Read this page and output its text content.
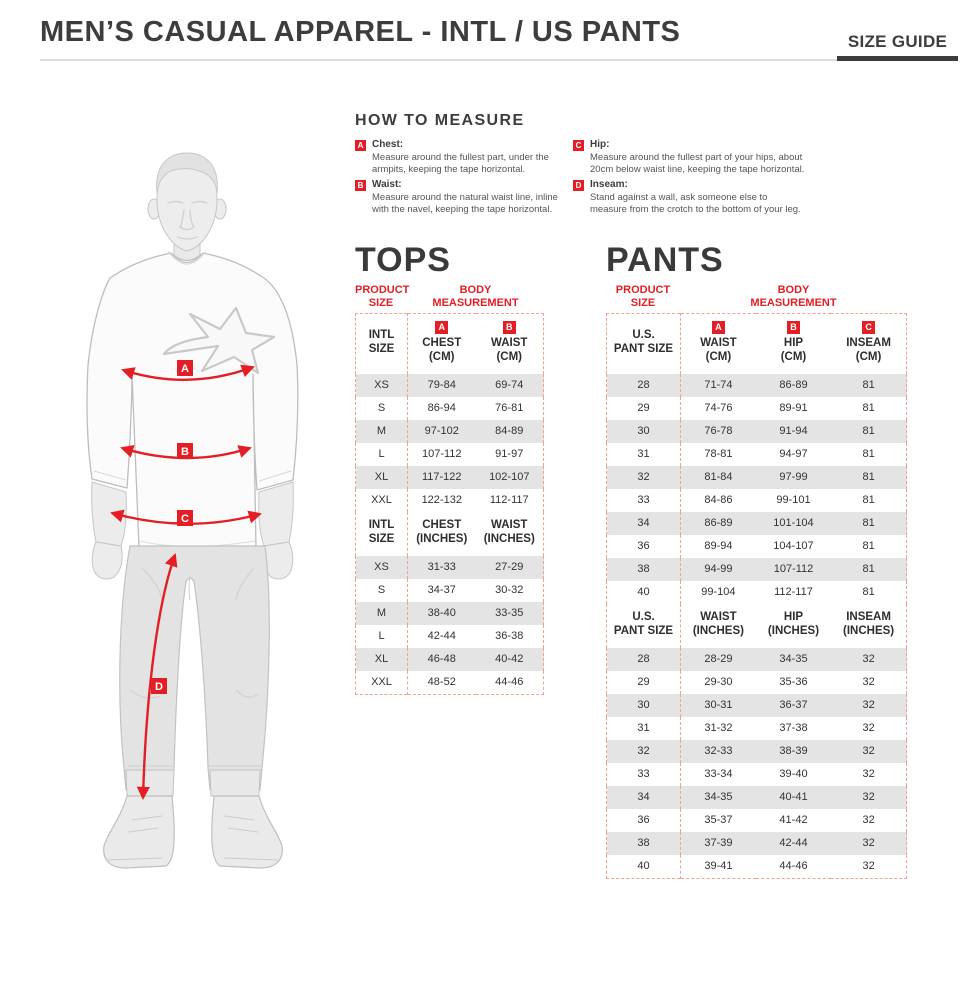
MEN’S CASUAL APPAREL - INTL / US PANTS	SIZE GUIDE
A
B
C
D
HOW TO MEASURE
A Chest:
Measure around the fullest part, under the armpits, keeping the tape horizontal.
B Waist:
Measure around the natural waist line, inline with the navel, keeping the tape horizontal.
C Hip:
Measure around the fullest part of your hips, about 20cm below waist line, keeping the tape horizontal.
D Inseam:
Stand against a wall, ask someone else to measure from the crotch to the bottom of your leg.
TOPS
PRODUCT
SIZE
BODY
MEASUREMENT
INTL
SIZE

A
CHEST
(CM)

B
WAIST
(CM)

XS	79-84	69-74
S	86-94	76-81
M	97-102	84-89
L	107-112	91-97
XL	117-122	102-107
XXL	122-132	112-117

INTL
SIZE

CHEST
(INCHES)

WAIST
(INCHES)

XS	31-33	27-29
S	34-37	30-32
M	38-40	33-35
L	42-44	36-38
XL	46-48	40-42
XXL	48-52	44-46
PANTS
PRODUCT
SIZE
BODY
MEASUREMENT
U.S.
PANT SIZE

A
WAIST
(CM)

B
HIP
(CM)

C
INSEAM
(CM)

28	71-74	86-89	81
29	74-76	89-91	81
30	76-78	91-94	81
31	78-81	94-97	81
32	81-84	97-99	81
33	84-86	99-101	81
34	86-89	101-104	81
36	89-94	104-107	81
38	94-99	107-112	81
40	99-104	112-117	81

U.S.
PANT SIZE

WAIST
(INCHES)

HIP
(INCHES)

INSEAM
(INCHES)

28	28-29	34-35	32
29	29-30	35-36	32
30	30-31	36-37	32
31	31-32	37-38	32
32	32-33	38-39	32
33	33-34	39-40	32
34	34-35	40-41	32
36	35-37	41-42	32
38	37-39	42-44	32
40	39-41	44-46	32
